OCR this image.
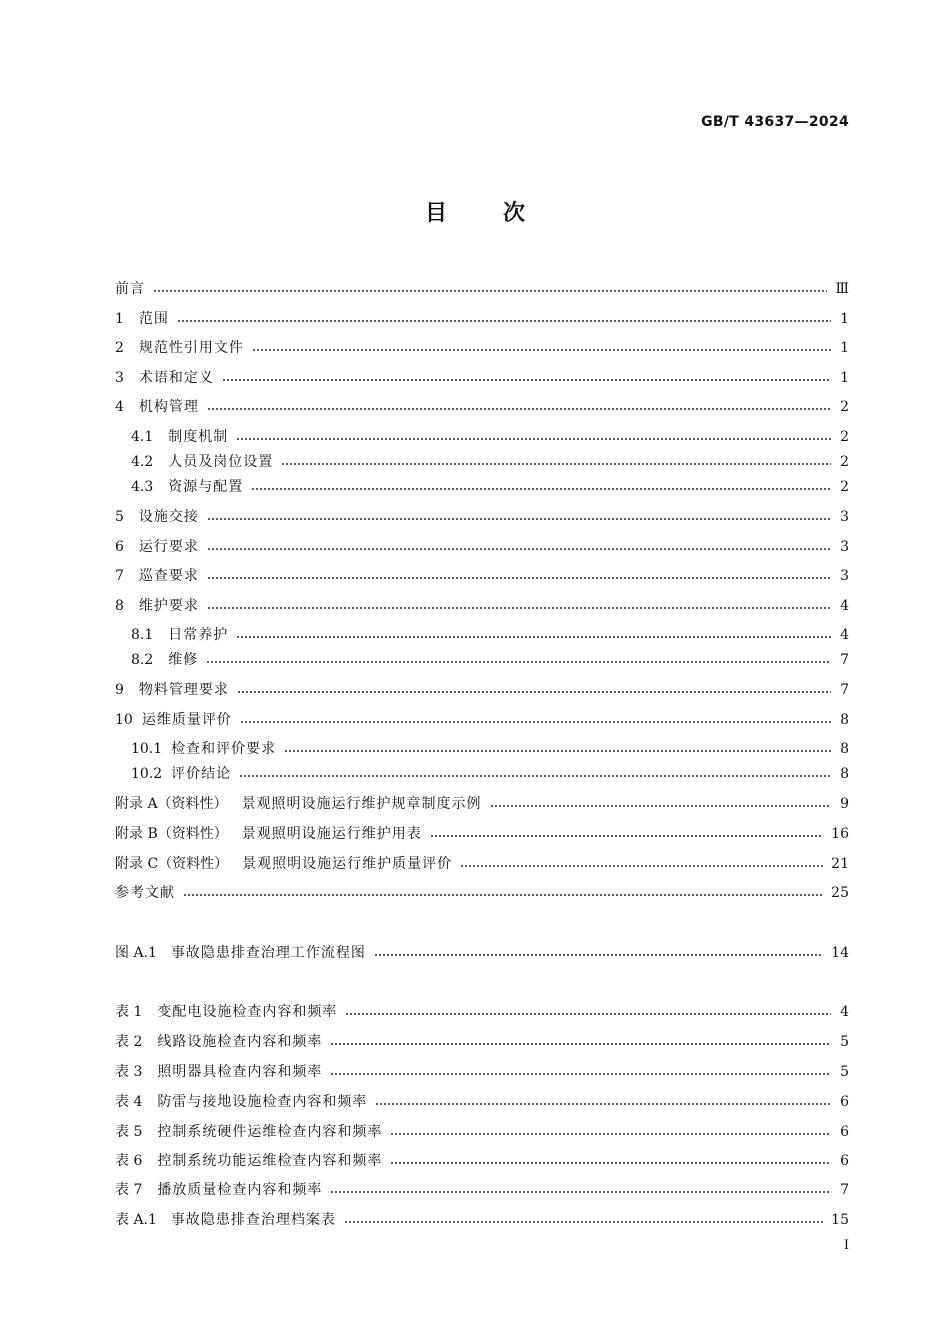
GB/T 43637—2024
目次
前言	Ⅲ
1 范围	1
2 规范性引用文件	1
3 术语和定义	1
4 机构管理	2
4.1 制度机制	2
4.2 人员及岗位设置	2
4.3 资源与配置	2
5 设施交接	3
6 运行要求	3
7 巡查要求	3
8 维护要求	4
8.1 日常养护	4
8.2 维修	7
9 物料管理要求	7
10 运维质量评价	8
10.1 检查和评价要求	8
10.2 评价结论	8
附录 A（资料性） 景观照明设施运行维护规章制度示例	9
附录 B（资料性） 景观照明设施运行维护用表	16
附录 C（资料性） 景观照明设施运行维护质量评价	21
参考文献	25
图 A.1 事故隐患排查治理工作流程图	14
表 1 变配电设施检查内容和频率	4
表 2 线路设施检查内容和频率	5
表 3 照明器具检查内容和频率	5
表 4 防雷与接地设施检查内容和频率	6
表 5 控制系统硬件运维检查内容和频率	6
表 6 控制系统功能运维检查内容和频率	6
表 7 播放质量检查内容和频率	7
表 A.1 事故隐患排查治理档案表	15
I
